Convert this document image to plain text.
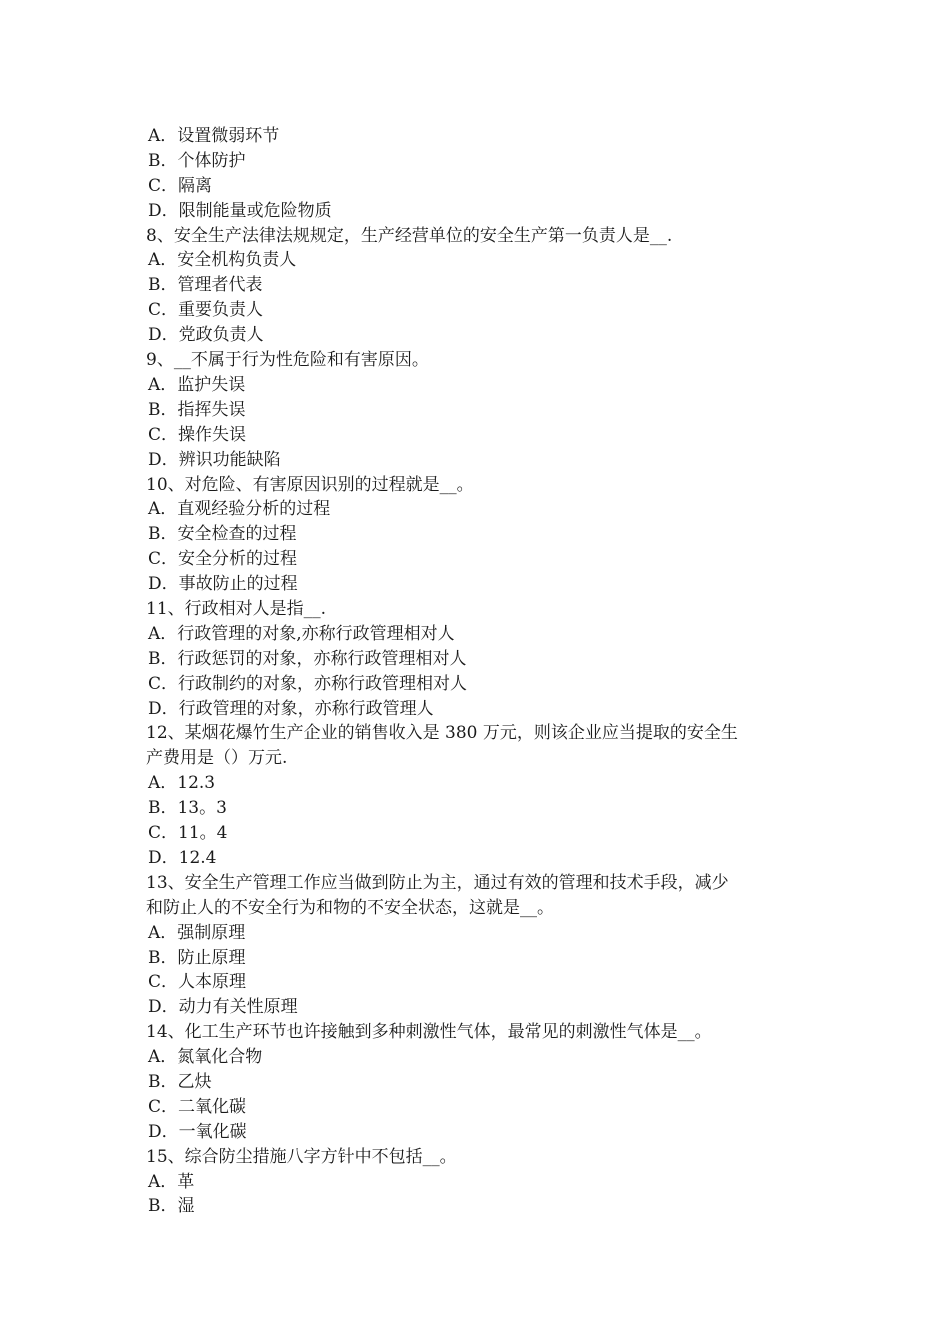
A．设置微弱环节
B．个体防护
C．隔离
D．限制能量或危险物质
8、安全生产法律法规规定，生产经营单位的安全生产第一负责人是__.
A．安全机构负责人
B．管理者代表
C．重要负责人
D．党政负责人
9、__不属于行为性危险和有害原因。
A．监护失误
B．指挥失误
C．操作失误
D．辨识功能缺陷
10、对危险、有害原因识别的过程就是__。
A．直观经验分析的过程
B．安全检查的过程
C．安全分析的过程
D．事故防止的过程
11、行政相对人是指__.
A．行政管理的对象,亦称行政管理相对人
B．行政惩罚的对象，亦称行政管理相对人
C．行政制约的对象，亦称行政管理相对人
D．行政管理的对象，亦称行政管理人
12、某烟花爆竹生产企业的销售收入是 380 万元，则该企业应当提取的安全生
产费用是（）万元.
A．12.3
B．13。3
C．11。4
D．12.4
13、安全生产管理工作应当做到防止为主，通过有效的管理和技术手段，减少
和防止人的不安全行为和物的不安全状态，这就是__。
A．强制原理
B．防止原理
C．人本原理
D．动力有关性原理
14、化工生产环节也许接触到多种刺激性气体，最常见的刺激性气体是__。
A．氮氧化合物
B．乙炔
C．二氧化碳
D．一氧化碳
15、综合防尘措施八字方针中不包括__。
A．革
B．湿
